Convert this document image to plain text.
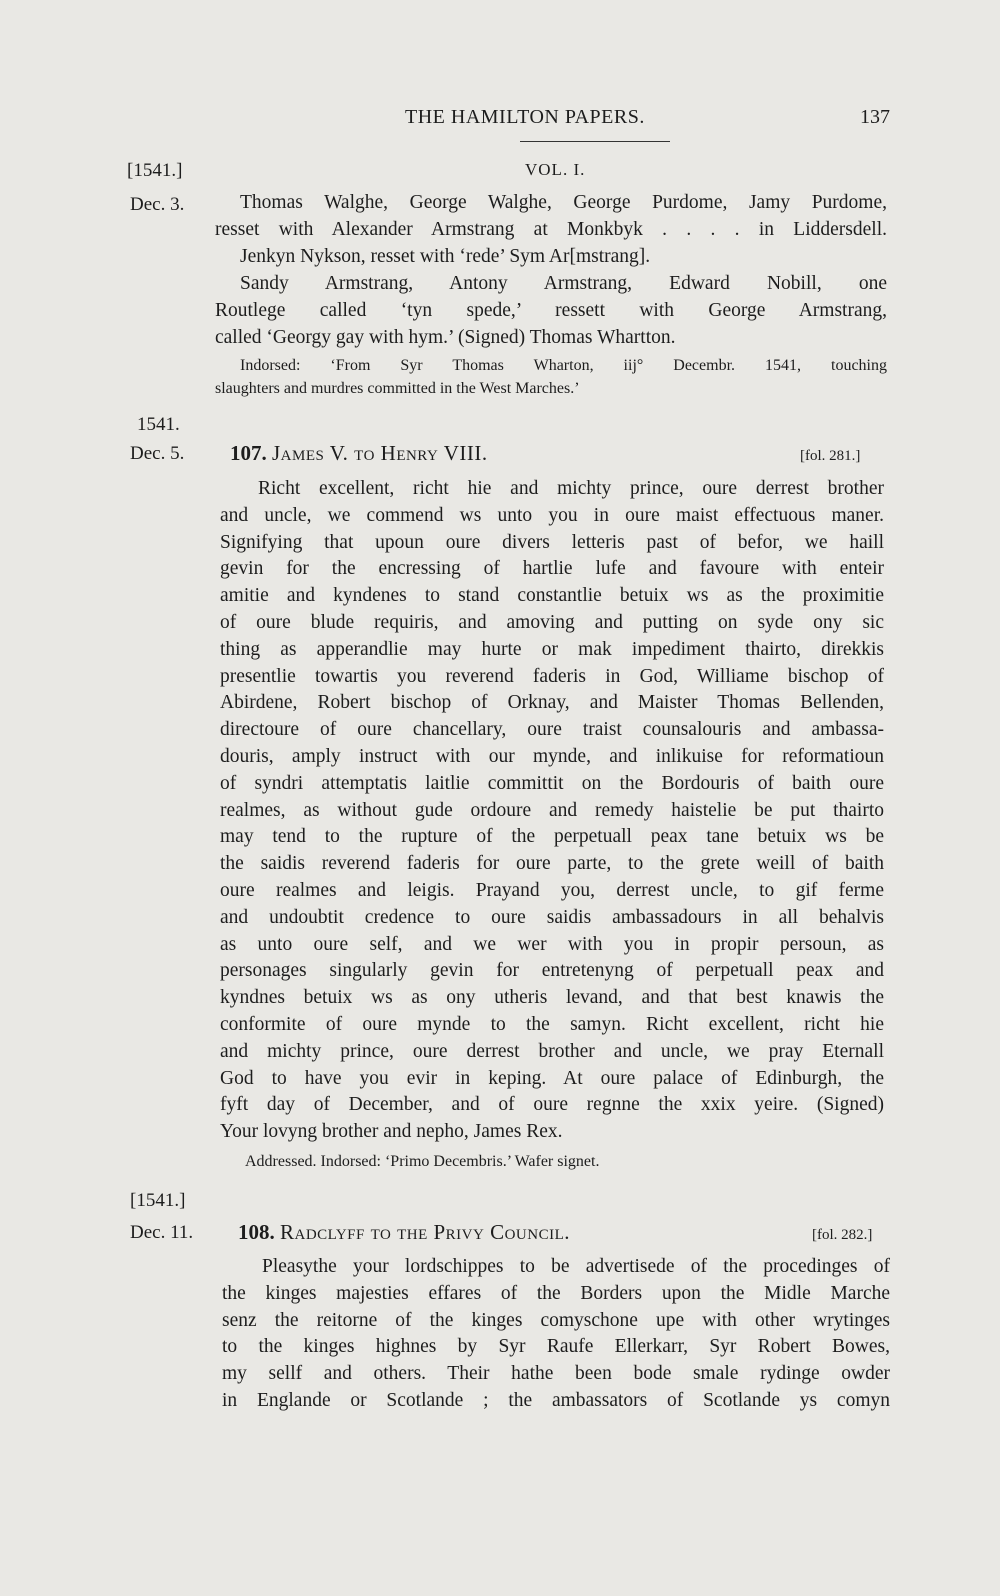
THE HAMILTON PAPERS.	137
[1541.]	VOL. I.
Dec. 3.	Thomas Walghe, George Walghe, George Purdome, Jamy Purdome,
resset with Alexander Armstrang at Monkbyk . . . . in Liddersdell.
Jenkyn Nykson, resset with ‘rede’ Sym Ar[mstrang].
Sandy Armstrang, Antony Armstrang, Edward Nobill, one
Routlege called ‘tyn spede,’ ressett with George Armstrang,
called ‘Georgy gay with hym.’ (Signed) Thomas Whartton.
Indorsed: ‘From Syr Thomas Wharton, iij° Decembr. 1541, touching
slaughters and murdres committed in the West Marches.’
1541.
Dec. 5. 107. James V. to Henry VIII.	[fol. 281.]
Richt excellent, richt hie and michty prince, oure derrest brother
and uncle, we commend ws unto you in oure maist effectuous maner.
Signifying that upoun oure divers letteris past of befor, we haill
gevin for the encressing of hartlie lufe and favoure with enteir
amitie and kyndenes to stand constantlie betuix ws as the proximitie
of oure blude requiris, and amoving and putting on syde ony sic
thing as apperandlie may hurte or mak impediment thairto, direkkis
presentlie towartis you reverend faderis in God, Williame bischop of
Abirdene, Robert bischop of Orknay, and Maister Thomas Bellenden,
directoure of oure chancellary, oure traist counsalouris and ambassa-
douris, amply instruct with our mynde, and inlikuise for reformatioun
of syndri attemptatis laitlie committit on the Bordouris of baith oure
realmes, as without gude ordoure and remedy haistelie be put thairto
may tend to the rupture of the perpetuall peax tane betuix ws be
the saidis reverend faderis for oure parte, to the grete weill of baith
oure realmes and leigis. Prayand you, derrest uncle, to gif ferme
and undoubtit credence to oure saidis ambassadours in all behalvis
as unto oure self, and we wer with you in propir persoun, as
personages singularly gevin for entretenyng of perpetuall peax and
kyndnes betuix ws as ony utheris levand, and that best knawis the
conformite of oure mynde to the samyn. Richt excellent, richt hie
and michty prince, oure derrest brother and uncle, we pray Eternall
God to have you evir in keping. At oure palace of Edinburgh, the
fyft day of December, and of oure regnne the xxix yeire. (Signed)
Your lovyng brother and nepho, James Rex.
Addressed. Indorsed: ‘Primo Decembris.’ Wafer signet.
[1541.]
Dec. 11. 108. Radclyff to the Privy Council.	[fol. 282.]
Pleasythe your lordschippes to be advertisede of the procedinges of
the kinges majesties effares of the Borders upon the Midle Marche
senz the reitorne of the kinges comyschone upe with other wrytinges
to the kinges highnes by Syr Raufe Ellerkarr, Syr Robert Bowes,
my sellf and others. Their hathe been bode smale rydinge owder
in Englande or Scotlande ; the ambassators of Scotlande ys comyn
